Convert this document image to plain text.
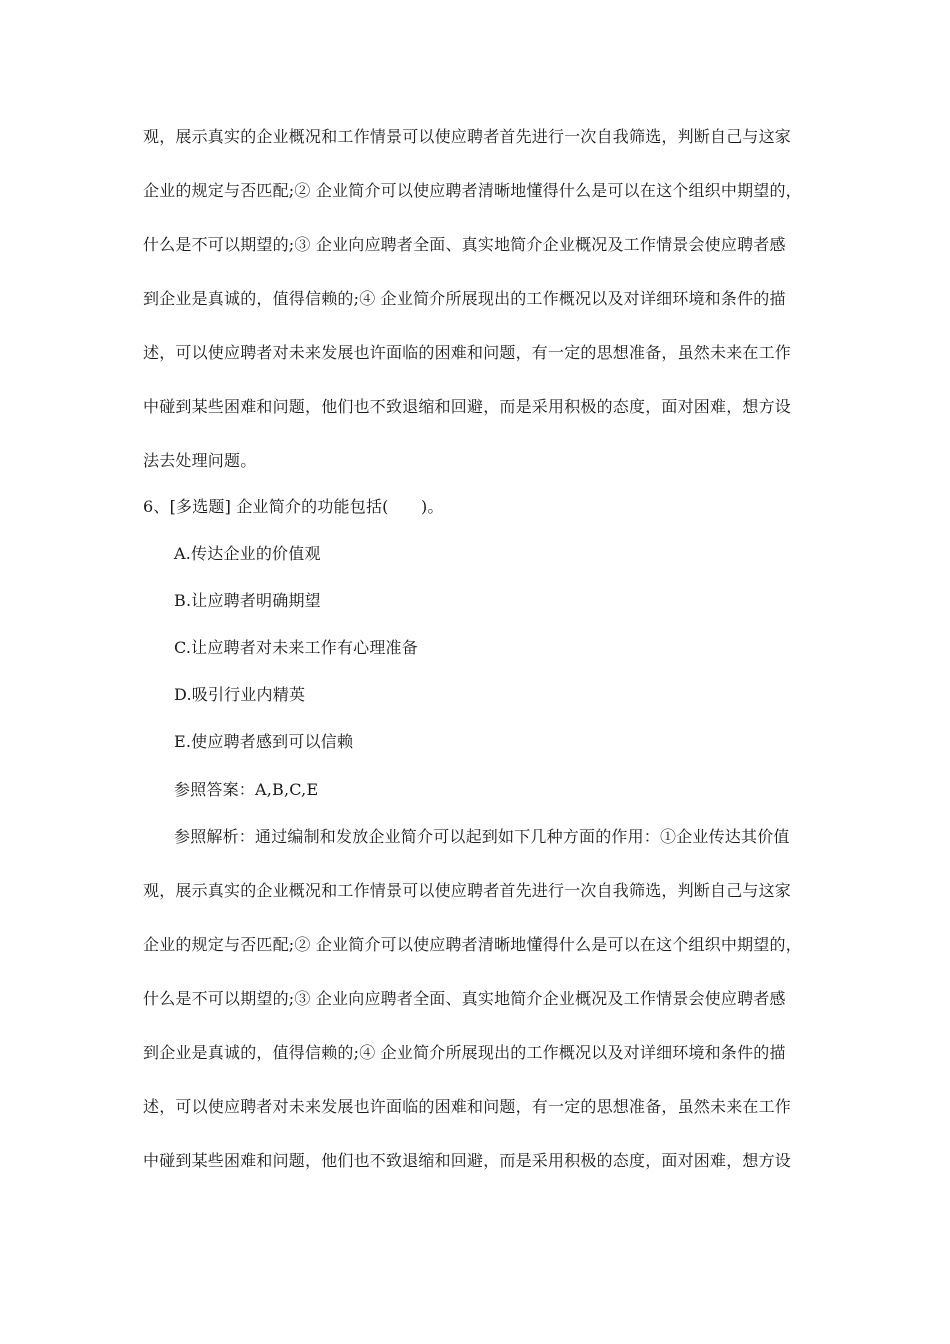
观，展示真实的企业概况和工作情景可以使应聘者首先进行一次自我筛选，判断自己与这家
企业的规定与否匹配;② 企业简介可以使应聘者清晰地懂得什么是可以在这个组织中期望的，
什么是不可以期望的;③ 企业向应聘者全面、真实地简介企业概况及工作情景会使应聘者感
到企业是真诚的，值得信赖的;④ 企业简介所展现出的工作概况以及对详细环境和条件的描
述，可以使应聘者对未来发展也许面临的困难和问题，有一定的思想准备，虽然未来在工作
中碰到某些困难和问题，他们也不致退缩和回避，而是采用积极的态度，面对困难，想方设
法去处理问题。
6、[多选题] 企业简介的功能包括(　　)。
A.传达企业的价值观
B.让应聘者明确期望
C.让应聘者对未来工作有心理准备
D.吸引行业内精英
E.使应聘者感到可以信赖
参照答案：A,B,C,E
参照解析：通过编制和发放企业简介可以起到如下几种方面的作用：①企业传达其价值
观，展示真实的企业概况和工作情景可以使应聘者首先进行一次自我筛选，判断自己与这家
企业的规定与否匹配;② 企业简介可以使应聘者清晰地懂得什么是可以在这个组织中期望的，
什么是不可以期望的;③ 企业向应聘者全面、真实地简介企业概况及工作情景会使应聘者感
到企业是真诚的，值得信赖的;④ 企业简介所展现出的工作概况以及对详细环境和条件的描
述，可以使应聘者对未来发展也许面临的困难和问题，有一定的思想准备，虽然未来在工作
中碰到某些困难和问题，他们也不致退缩和回避，而是采用积极的态度，面对困难，想方设
